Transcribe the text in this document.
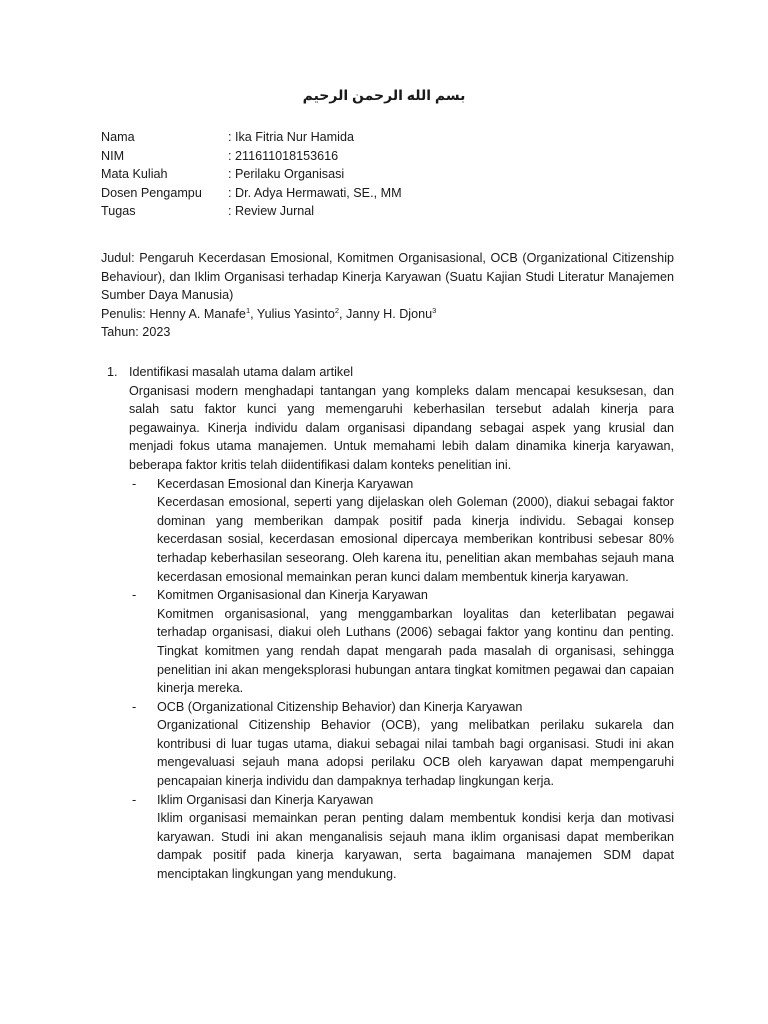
بسم الله الرحمن الرحيم
Nama	: Ika Fitria Nur Hamida
NIM	: 211611018153616
Mata Kuliah	: Perilaku Organisasi
Dosen Pengampu	: Dr. Adya Hermawati, SE., MM
Tugas	: Review Jurnal
Judul: Pengaruh Kecerdasan Emosional, Komitmen Organisasional, OCB (Organizational Citizenship Behaviour), dan Iklim Organisasi terhadap Kinerja Karyawan (Suatu Kajian Studi Literatur Manajemen Sumber Daya Manusia)
Penulis: Henny A. Manafe$^1$, Yulius Yasinto$^2$, Janny H. Djonu$^3$
Tahun: 2023
1. Identifikasi masalah utama dalam artikel
Organisasi modern menghadapi tantangan yang kompleks dalam mencapai kesuksesan, dan salah satu faktor kunci yang memengaruhi keberhasilan tersebut adalah kinerja para pegawainya. Kinerja individu dalam organisasi dipandang sebagai aspek yang krusial dan menjadi fokus utama manajemen. Untuk memahami lebih dalam dinamika kinerja karyawan, beberapa faktor kritis telah diidentifikasi dalam konteks penelitian ini.
-	Kecerdasan Emosional dan Kinerja Karyawan
Kecerdasan emosional, seperti yang dijelaskan oleh Goleman (2000), diakui sebagai faktor dominan yang memberikan dampak positif pada kinerja individu. Sebagai konsep kecerdasan sosial, kecerdasan emosional dipercaya memberikan kontribusi sebesar 80% terhadap keberhasilan seseorang. Oleh karena itu, penelitian akan membahas sejauh mana kecerdasan emosional memainkan peran kunci dalam membentuk kinerja karyawan.
-	Komitmen Organisasional dan Kinerja Karyawan
Komitmen organisasional, yang menggambarkan loyalitas dan keterlibatan pegawai terhadap organisasi, diakui oleh Luthans (2006) sebagai faktor yang kontinu dan penting. Tingkat komitmen yang rendah dapat mengarah pada masalah di organisasi, sehingga penelitian ini akan mengeksplorasi hubungan antara tingkat komitmen pegawai dan capaian kinerja mereka.
-	OCB (Organizational Citizenship Behavior) dan Kinerja Karyawan
Organizational Citizenship Behavior (OCB), yang melibatkan perilaku sukarela dan kontribusi di luar tugas utama, diakui sebagai nilai tambah bagi organisasi. Studi ini akan mengevaluasi sejauh mana adopsi perilaku OCB oleh karyawan dapat mempengaruhi pencapaian kinerja individu dan dampaknya terhadap lingkungan kerja.
-	Iklim Organisasi dan Kinerja Karyawan
Iklim organisasi memainkan peran penting dalam membentuk kondisi kerja dan motivasi karyawan. Studi ini akan menganalisis sejauh mana iklim organisasi dapat memberikan dampak positif pada kinerja karyawan, serta bagaimana manajemen SDM dapat menciptakan lingkungan yang mendukung.
